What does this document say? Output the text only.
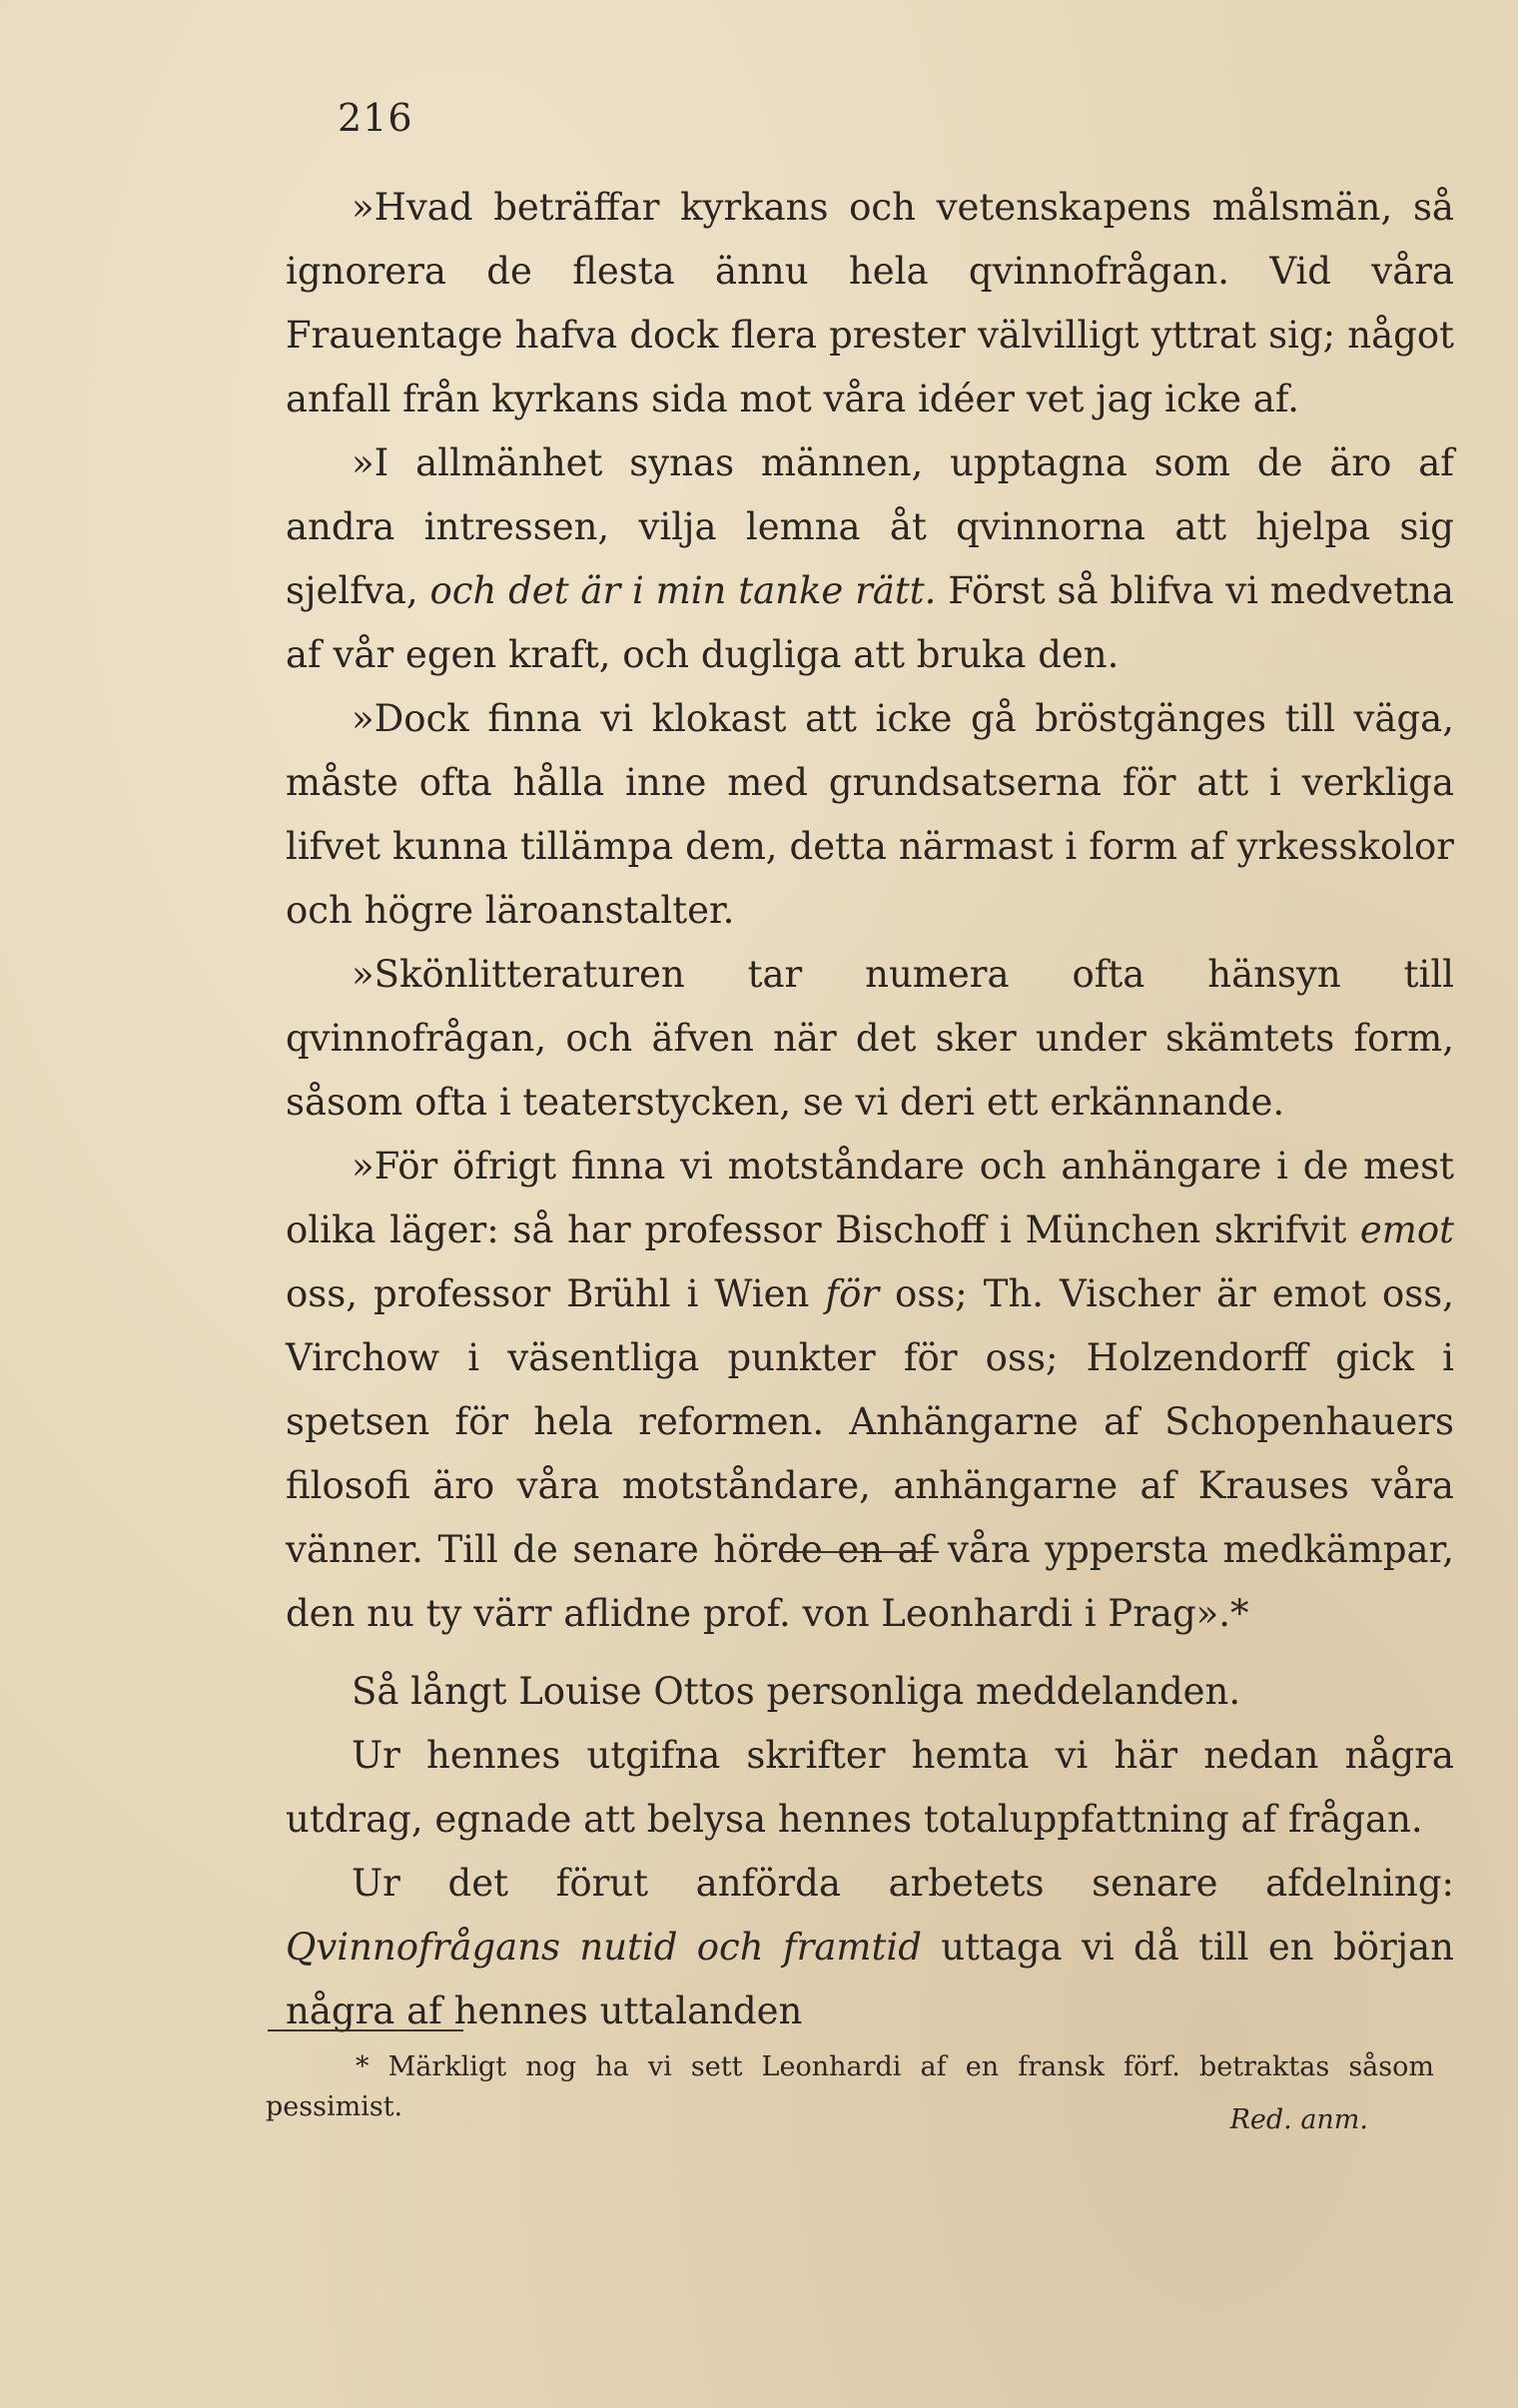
216

»Hvad beträffar kyrkans och vetenskapens målsmän, så ignorera de flesta ännu hela qvinnofrågan. Vid våra Frauentage hafva dock flera prester välvilligt yttrat sig; något anfall från kyrkans sida mot våra idéer vet jag icke af.

»I allmänhet synas männen, upptagna som de äro af andra intressen, vilja lemna åt qvinnorna att hjelpa sig sjelfva, och det är i min tanke rätt. Först så blifva vi medvetna af vår egen kraft, och dugliga att bruka den.

»Dock finna vi klokast att icke gå bröstgänges till väga, måste ofta hålla inne med grundsatserna för att i verkliga lifvet kunna tillämpa dem, detta närmast i form af yrkesskolor och högre läroanstalter.

»Skönlitteraturen tar numera ofta hänsyn till qvinnofrågan, och äfven när det sker under skämtets form, såsom ofta i teaterstycken, se vi deri ett erkännande.

»För öfrigt finna vi motståndare och anhängare i de mest olika läger: så har professor Bischoff i München skrifvit emot oss, professor Brühl i Wien för oss; Th. Vischer är emot oss, Virchow i väsentliga punkter för oss; Holzendorff gick i spetsen för hela reformen. Anhängarne af Schopenhauers filosofi äro våra motståndare, anhängarne af Krauses våra vänner. Till de senare hörde en af våra yppersta medkämpar, den nu ty värr aflidne prof. von Leonhardi i Prag».*

Så långt Louise Ottos personliga meddelanden.

Ur hennes utgifna skrifter hemta vi här nedan några utdrag, egnade att belysa hennes totaluppfattning af frågan.

Ur det förut anförda arbetets senare afdelning: Qvinnofrågans nutid och framtid uttaga vi då till en början några af hennes uttalanden

* Märkligt nog ha vi sett Leonhardi af en fransk förf. betraktas såsom pessimist.	Red. anm.
